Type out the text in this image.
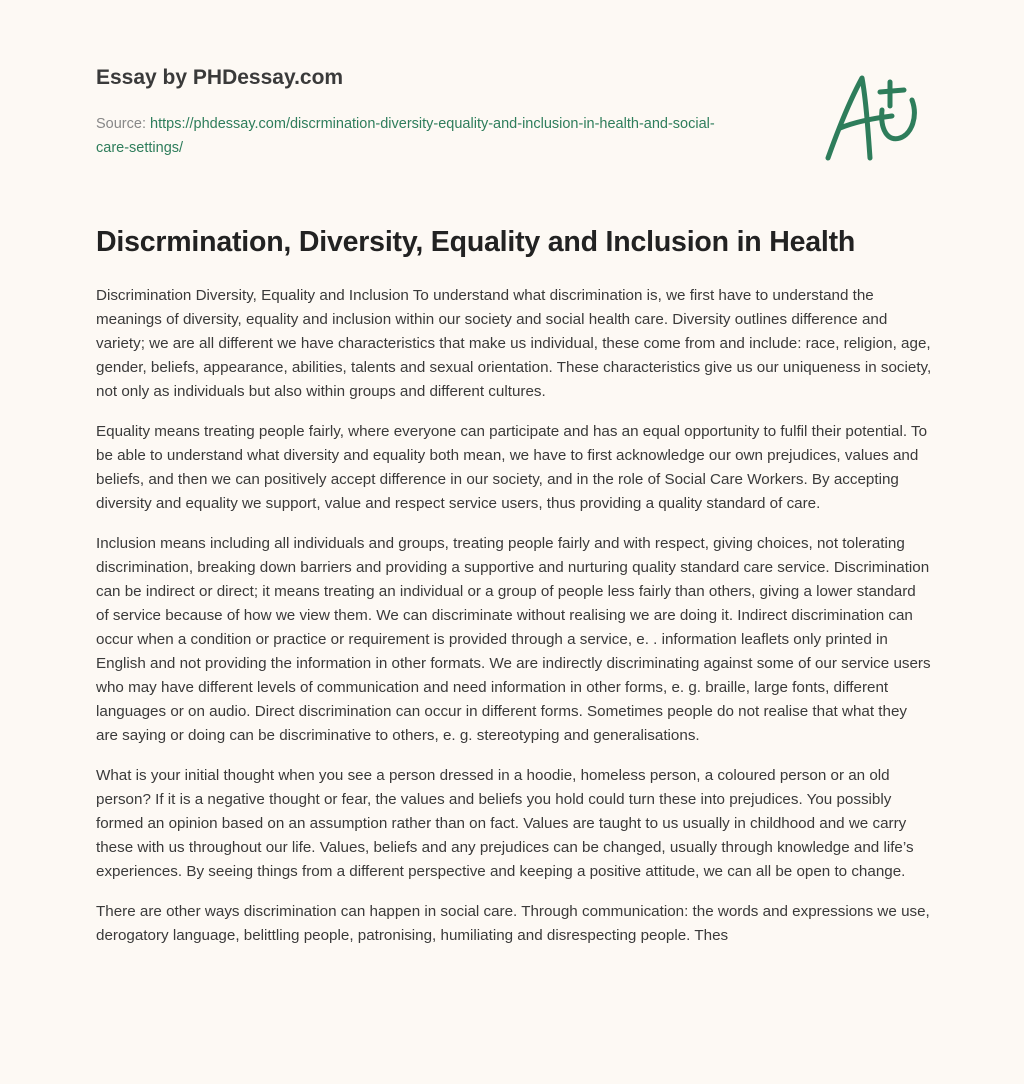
Essay by PHDessay.com
Source: https://phdessay.com/discrmination-diversity-equality-and-inclusion-in-health-and-social-care-settings/
Discrmination, Diversity, Equality and Inclusion in Health

Discrimination Diversity, Equality and Inclusion To understand what discrimination is, we first have to understand the meanings of diversity, equality and inclusion within our society and social health care. Diversity outlines difference and variety; we are all different we have characteristics that make us individual, these come from and include: race, religion, age, gender, beliefs, appearance, abilities, talents and sexual orientation. These characteristics give us our uniqueness in society, not only as individuals but also within groups and different cultures.

Equality means treating people fairly, where everyone can participate and has an equal opportunity to fulfil their potential. To be able to understand what diversity and equality both mean, we have to first acknowledge our own prejudices, values and beliefs, and then we can positively accept difference in our society, and in the role of Social Care Workers. By accepting diversity and equality we support, value and respect service users, thus providing a quality standard of care.

Inclusion means including all individuals and groups, treating people fairly and with respect, giving choices, not tolerating discrimination, breaking down barriers and providing a supportive and nurturing quality standard care service. Discrimination can be indirect or direct; it means treating an individual or a group of people less fairly than others, giving a lower standard of service because of how we view them. We can discriminate without realising we are doing it. Indirect discrimination can occur when a condition or practice or requirement is provided through a service, e. . information leaflets only printed in English and not providing the information in other formats. We are indirectly discriminating against some of our service users who may have different levels of communication and need information in other forms, e. g. braille, large fonts, different languages or on audio. Direct discrimination can occur in different forms. Sometimes people do not realise that what they are saying or doing can be discriminative to others, e. g. stereotyping and generalisations.

What is your initial thought when you see a person dressed in a hoodie, homeless person, a coloured person or an old person? If it is a negative thought or fear, the values and beliefs you hold could turn these into prejudices. You possibly formed an opinion based on an assumption rather than on fact. Values are taught to us usually in childhood and we carry these with us throughout our life. Values, beliefs and any prejudices can be changed, usually through knowledge and life’s experiences. By seeing things from a different perspective and keeping a positive attitude, we can all be open to change.

There are other ways discrimination can happen in social care. Through communication: the words and expressions we use, derogatory language, belittling people, patronising, humiliating and disrespecting people. Thes
